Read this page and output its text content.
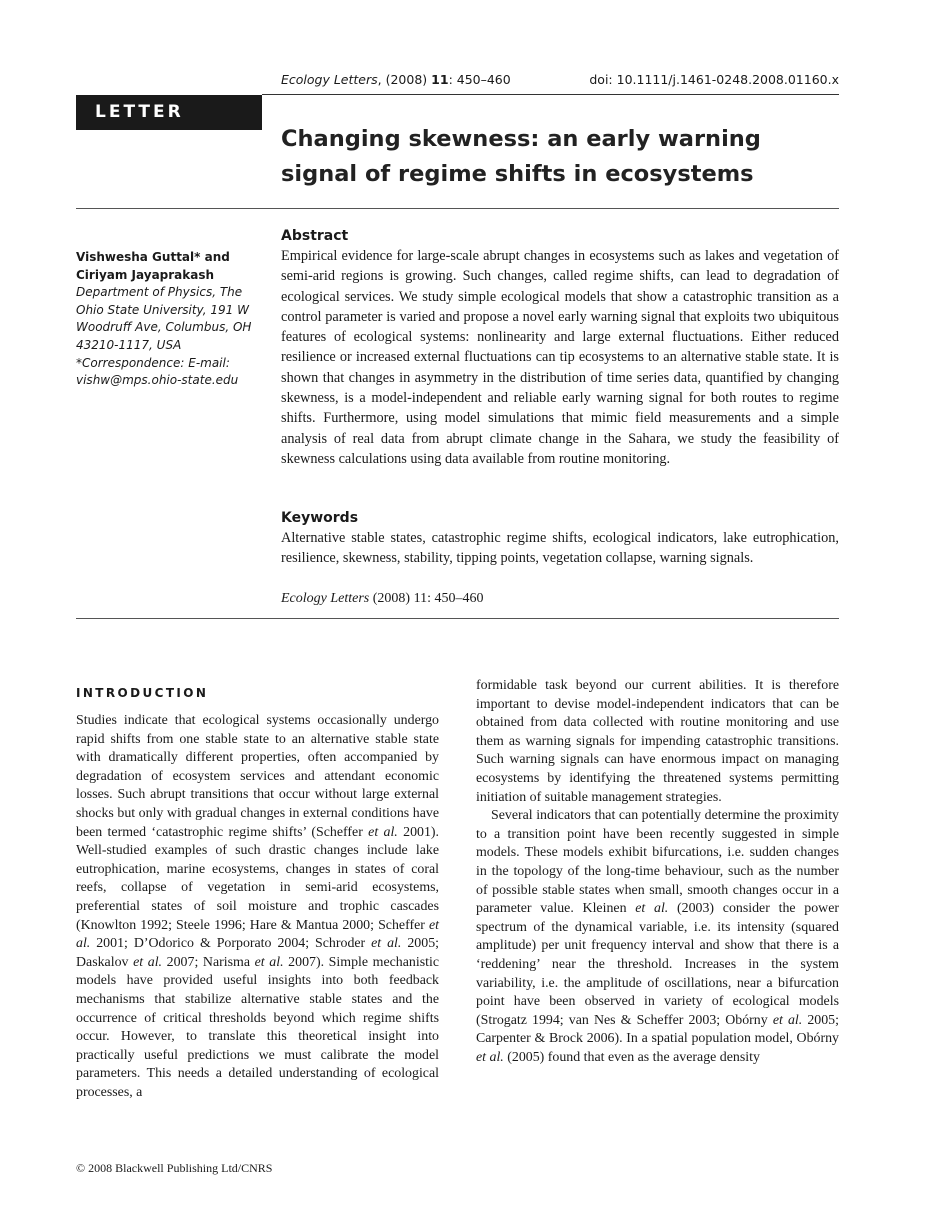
Ecology Letters, (2008) 11: 450–460	doi: 10.1111/j.1461-0248.2008.01160.x
LETTER
Changing skewness: an early warning signal of regime shifts in ecosystems
Vishwesha Guttal* and Ciriyam Jayaprakash
Department of Physics, The Ohio State University, 191 W Woodruff Ave, Columbus, OH 43210-1117, USA
*Correspondence: E-mail: vishw@mps.ohio-state.edu
Abstract
Empirical evidence for large-scale abrupt changes in ecosystems such as lakes and vegetation of semi-arid regions is growing. Such changes, called regime shifts, can lead to degradation of ecological services. We study simple ecological models that show a catastrophic transition as a control parameter is varied and propose a novel early warning signal that exploits two ubiquitous features of ecological systems: nonlinearity and large external fluctuations. Either reduced resilience or increased external fluctuations can tip ecosystems to an alternative stable state. It is shown that changes in asymmetry in the distribution of time series data, quantified by changing skewness, is a model-independent and reliable early warning signal for both routes to regime shifts. Furthermore, using model simulations that mimic field measurements and a simple analysis of real data from abrupt climate change in the Sahara, we study the feasibility of skewness calculations using data available from routine monitoring.
Keywords
Alternative stable states, catastrophic regime shifts, ecological indicators, lake eutrophication, resilience, skewness, stability, tipping points, vegetation collapse, warning signals.
Ecology Letters (2008) 11: 450–460
INTRODUCTION

Studies indicate that ecological systems occasionally undergo rapid shifts from one stable state to an alternative stable state with dramatically different properties, often accompanied by degradation of ecosystem services and attendant economic losses. Such abrupt transitions that occur without large external shocks but only with gradual changes in external conditions have been termed ‘catastrophic regime shifts’ (Scheffer et al. 2001). Well-studied examples of such drastic changes include lake eutrophication, marine ecosystems, changes in states of coral reefs, collapse of vegetation in semi-arid ecosystems, preferential states of soil moisture and trophic cascades (Knowlton 1992; Steele 1996; Hare & Mantua 2000; Scheffer et al. 2001; D’Odorico & Porporato 2004; Schroder et al. 2005; Daskalov et al. 2007; Narisma et al. 2007). Simple mechanistic models have provided useful insights into both feedback mechanisms that stabilize alternative stable states and the occurrence of critical thresholds beyond which regime shifts occur. However, to translate this theoretical insight into practically useful predictions we must calibrate the model parameters. This needs a detailed understanding of ecological processes, a

formidable task beyond our current abilities. It is therefore important to devise model-independent indicators that can be obtained from data collected with routine monitoring and use them as warning signals for impending catastrophic transitions. Such warning signals can have enormous impact on managing ecosystems by identifying the threatened systems permitting initiation of suitable management strategies.

Several indicators that can potentially determine the proximity to a transition point have been recently suggested in simple models. These models exhibit bifurcations, i.e. sudden changes in the topology of the long-time behaviour, such as the number of possible stable states when small, smooth changes occur in a parameter value. Kleinen et al. (2003) consider the power spectrum of the dynamical variable, i.e. its intensity (squared amplitude) per unit frequency interval and show that there is a ‘reddening’ near the threshold. Increases in the system variability, i.e. the amplitude of oscillations, near a bifurcation point have been observed in variety of ecological models (Strogatz 1994; van Nes & Scheffer 2003; Obórny et al. 2005; Carpenter & Brock 2006). In a spatial population model, Obórny et al. (2005) found that even as the average density

© 2008 Blackwell Publishing Ltd/CNRS
